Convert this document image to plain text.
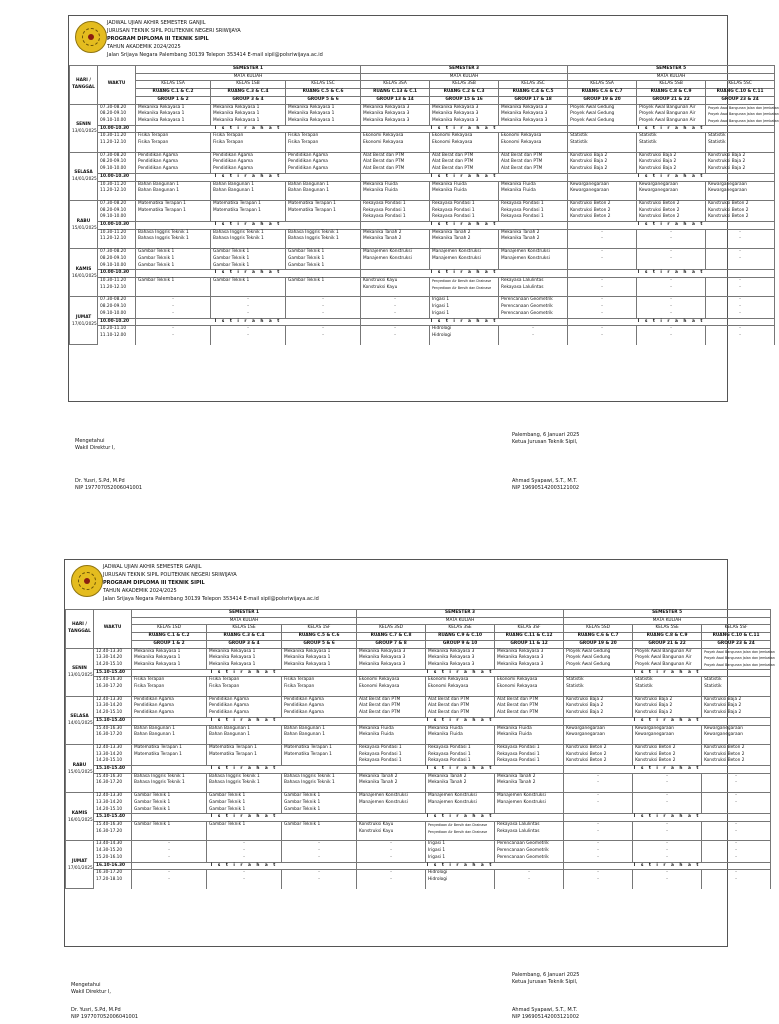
JADWAL UJIAN AKHIR SEMESTER GANJIL
JURUSAN TEKNIK SIPIL POLITEKNIK NEGERI SRIWIJAYA
PROGRAM DIPLOMA III TEKNIK SIPIL
TAHUN AKADEMIK 2024/2025
Jalan Srijaya Negara Palembang 30139 Telepon 353414 E-mail sipil@polsriwijaya.ac.id
HARI /
TANGGAL	WAKTU	SEMESTER 1			SEMESTER 3			SEMESTER 5		
		MATA KULIAH			MATA KULIAH			MATA KULIAH		
		KELAS 1SA	KELAS 1SB	KELAS 1SC	KELAS 3SA	KELAS 3SB	KELAS 3SC	KELAS 5SA	KELAS 5SB	KELAS 5SC
		RUANG C.1 & C.2	RUANG C.3 & C.4	RUANG C.5 & C.6	RUANG C.13 & C.1	RUANG C.2 & C.3	RUANG C.4 & C.5	RUANG C.6 & C.7	RUANG C.8 & C.9	RUANG C.10 & C.11
		GROUP 1 & 2	GROUP 3 & 4	GROUP 5 & 6	GROUP 13 & 14	GROUP 15 & 16	GROUP 17 & 18	GROUP 19 & 20	GROUP 21 & 22	GROUP 23 & 24

SENIN
13/01/2025	07.30-08.20	Mekanika Rekayasa 1	Mekanika Rekayasa 1	Mekanika Rekayasa 1	Mekanika Rekayasa 3	Mekanika Rekayasa 3	Mekanika Rekayasa 3	Proyek Awal Gedung	Proyek Awal Bangunan Air	Proyek Awal Bangunan Jalan dan Jembatan
	08.20-09.10	Mekanika Rekayasa 1	Mekanika Rekayasa 1	Mekanika Rekayasa 1	Mekanika Rekayasa 3	Mekanika Rekayasa 3	Mekanika Rekayasa 3	Proyek Awal Gedung	Proyek Awal Bangunan Air	Proyek Awal Bangunan Jalan dan Jembatan
	09.10-10.00	Mekanika Rekayasa 1	Mekanika Rekayasa 1	Mekanika Rekayasa 1	Mekanika Rekayasa 3	Mekanika Rekayasa 3	Mekanika Rekayasa 3	Proyek Awal Gedung	Proyek Awal Bangunan Air	Proyek Awal Bangunan Jalan dan Jembatan
	10.00-10.30	I s t i r a h a t			I s t i r a h a t			I s t i r a h a t		
	10.30-11.20	Fisika Terapan	Fisika Terapan	Fisika Terapan	Ekonomi Rekayasa	Ekonomi Rekayasa	Ekonomi Rekayasa	Statistik	Statistik	Statistik
	11.20-12.10	Fisika Terapan	Fisika Terapan	Fisika Terapan	Ekonomi Rekayasa	Ekonomi Rekayasa	Ekonomi Rekayasa	Statistik	Statistik	Statistik

SELASA
14/01/2025	07.30-08.20	Pendidikan Agama	Pendidikan Agama	Pendidikan Agama	Alat Berat dan PTM	Alat Berat dan PTM	Alat Berat dan PTM	Konstruksi Baja 2	Konstruksi Baja 2	Konstruksi Baja 2
	08.20-09.10	Pendidikan Agama	Pendidikan Agama	Pendidikan Agama	Alat Berat dan PTM	Alat Berat dan PTM	Alat Berat dan PTM	Konstruksi Baja 2	Konstruksi Baja 2	Konstruksi Baja 2
	09.10-10.00	Pendidikan Agama	Pendidikan Agama	Pendidikan Agama	Alat Berat dan PTM	Alat Berat dan PTM	Alat Berat dan PTM	Konstruksi Baja 2	Konstruksi Baja 2	Konstruksi Baja 2
	10.00-10.30	I s t i r a h a t			I s t i r a h a t			I s t i r a h a t		
	10.30-11.20	Bahan Bangunan 1	Bahan Bangunan 1	Bahan Bangunan 1	Mekanika Fluida	Mekanika Fluida	Mekanika Fluida	Kewarganegaraan	Kewarganegaraan	Kewarganegaraan
	11.20-12.10	Bahan Bangunan 1	Bahan Bangunan 1	Bahan Bangunan 1	Mekanika Fluida	Mekanika Fluida	Mekanika Fluida	Kewarganegaraan	Kewarganegaraan	Kewarganegaraan

RABU
15/01/2025	07.30-08.20	Matematika Terapan 1	Matematika Terapan 1	Matematika Terapan 1	Rekayasa Pondasi 1	Rekayasa Pondasi 1	Rekayasa Pondasi 1	Konstruksi Beton 2	Konstruksi Beton 2	Konstruksi Beton 2
	08.20-09.10	Matematika Terapan 1	Matematika Terapan 1	Matematika Terapan 1	Rekayasa Pondasi 1	Rekayasa Pondasi 1	Rekayasa Pondasi 1	Konstruksi Beton 2	Konstruksi Beton 2	Konstruksi Beton 2
	09.10-10.00				Rekayasa Pondasi 1	Rekayasa Pondasi 1	Rekayasa Pondasi 1	Konstruksi Beton 2	Konstruksi Beton 2	Konstruksi Beton 2
	10.00-10.30	I s t i r a h a t			I s t i r a h a t			I s t i r a h a t		
	10.30-11.20	Bahasa Inggris Teknik 1	Bahasa Inggris Teknik 1	Bahasa Inggris Teknik 1	Mekanika Tanah 2	Mekanika Tanah 2	Mekanika Tanah 2	-	-	-
	11.20-12.10	Bahasa Inggris Teknik 1	Bahasa Inggris Teknik 1	Bahasa Inggris Teknik 1	Mekanika Tanah 2	Mekanika Tanah 2	Mekanika Tanah 2	-	-	-

KAMIS
16/01/2025	07.30-08.20	Gambar Teknik 1	Gambar Teknik 1	Gambar Teknik 1	Manajemen Konstruksi	Manajemen Konstruksi	Manajemen Konstruksi	-	-	-
	08.20-09.10	Gambar Teknik 1	Gambar Teknik 1	Gambar Teknik 1	Manajemen Konstruksi	Manajemen Konstruksi	Manajemen Konstruksi	-	-	-
	09.10-10.00	Gambar Teknik 1	Gambar Teknik 1	Gambar Teknik 1						
	10.00-10.30	I s t i r a h a t			I s t i r a h a t			I s t i r a h a t		
	10.30-11.20	Gambar Teknik 1	Gambar Teknik 1	Gambar Teknik 1	Konstruksi Kayu	Penyediaan Air Bersih dan Drainase	Rekayasa Lalulintas	-	-	-
	11.20-12.10				Konstruksi Kayu	Penyediaan Air Bersih dan Drainase	Rekayasa Lalulintas	-	-	-

JUMAT
17/01/2025	07.30-08.20	-	-	-	-	Irigasi 1	Perencanaan Geometrik	-	-	-
	08.20-09.10	-	-	-	-	Irigasi 1	Perencanaan Geometrik	-	-	-
	09.10-10.00	-	-	-	-	Irigasi 1	Perencanaan Geometrik	-	-	-
	10.00-10.20	I s t i r a h a t			I s t i r a h a t			I s t i r a h a t		
	10.20-11.10	-	-	-	-	Hidrologi	-	-	-	-
	11.10-12.00	-	-	-	-	Hidrologi	-	-	-	-

Palembang, 6 Januari 2025
Ketua Jurusan Teknik Sipil,
Mengetahui
Wakil Direktur I,
Dr. Yusri, S.Pd, M.Pd
NIP 197707052006041001
Ahmad Syapawi, S.T., M.T.
NIP 196905142003121002
JADWAL UJIAN AKHIR SEMESTER GANJIL
JURUSAN TEKNIK SIPIL POLITEKNIK NEGERI SRIWIJAYA
PROGRAM DIPLOMA III TEKNIK SIPIL
TAHUN AKADEMIK 2024/2025
Jalan Srijaya Negara Palembang 30139 Telepon 353414 E-mail sipil@polsriwijaya.ac.id
HARI /
TANGGAL	WAKTU	SEMESTER 1			SEMESTER 3			SEMESTER 5		
		MATA KULIAH			MATA KULIAH			MATA KULIAH		
		KELAS 1SD	KELAS 1SE	KELAS 1SF	KELAS 3SD	KELAS 3SE	KELAS 3SF	KELAS 5SD	KELAS 5SE	KELAS 5SF
		RUANG C.1 & C.2	RUANG C.3 & C.4	RUANG C.5 & C.6	RUANG C.7 & C.8	RUANG C.9 & C.10	RUANG C.11 & C.12	RUANG C.6 & C.7	RUANG C.8 & C.9	RUANG C.10 & C.11
		GROUP 1 & 2	GROUP 3 & 4	GROUP 5 & 6	GROUP 7 & 8	GROUP 9 & 10	GROUP 11 & 12	GROUP 19 & 20	GROUP 21 & 22	GROUP 23 & 24

SENIN
13/01/2025	12.40-13.30	Mekanika Rekayasa 1	Mekanika Rekayasa 1	Mekanika Rekayasa 1	Mekanika Rekayasa 3	Mekanika Rekayasa 3	Mekanika Rekayasa 3	Proyek Awal Gedung	Proyek Awal Bangunan Air	Proyek Awal Bangunan Jalan dan Jembatan
	13.30-14.20	Mekanika Rekayasa 1	Mekanika Rekayasa 1	Mekanika Rekayasa 1	Mekanika Rekayasa 3	Mekanika Rekayasa 3	Mekanika Rekayasa 3	Proyek Awal Gedung	Proyek Awal Bangunan Air	Proyek Awal Bangunan Jalan dan Jembatan
	14.20-15.10	Mekanika Rekayasa 1	Mekanika Rekayasa 1	Mekanika Rekayasa 1	Mekanika Rekayasa 3	Mekanika Rekayasa 3	Mekanika Rekayasa 3	Proyek Awal Gedung	Proyek Awal Bangunan Air	Proyek Awal Bangunan Jalan dan Jembatan
	15.10-15.40	I s t i r a h a t			I s t i r a h a t			I s t i r a h a t		
	15.40-16.30	Fisika Terapan	Fisika Terapan	Fisika Terapan	Ekonomi Rekayasa	Ekonomi Rekayasa	Ekonomi Rekayasa	Statistik	Statistik	Statistik
	16.30-17.20	Fisika Terapan	Fisika Terapan	Fisika Terapan	Ekonomi Rekayasa	Ekonomi Rekayasa	Ekonomi Rekayasa	Statistik	Statistik	Statistik

SELASA
14/01/2025	12.40-13.30	Pendidikan Agama	Pendidikan Agama	Pendidikan Agama	Alat Berat dan PTM	Alat Berat dan PTM	Alat Berat dan PTM	Konstruksi Baja 2	Konstruksi Baja 2	Konstruksi Baja 2
	13.30-14.20	Pendidikan Agama	Pendidikan Agama	Pendidikan Agama	Alat Berat dan PTM	Alat Berat dan PTM	Alat Berat dan PTM	Konstruksi Baja 2	Konstruksi Baja 2	Konstruksi Baja 2
	14.20-15.10	Pendidikan Agama	Pendidikan Agama	Pendidikan Agama	Alat Berat dan PTM	Alat Berat dan PTM	Alat Berat dan PTM	Konstruksi Baja 2	Konstruksi Baja 2	Konstruksi Baja 2
	15.10-15.40	I s t i r a h a t			I s t i r a h a t			I s t i r a h a t		
	15.40-16.30	Bahan Bangunan 1	Bahan Bangunan 1	Bahan Bangunan 1	Mekanika Fluida	Mekanika Fluida	Mekanika Fluida	Kewarganegaraan	Kewarganegaraan	Kewarganegaraan
	16.30-17.20	Bahan Bangunan 1	Bahan Bangunan 1	Bahan Bangunan 1	Mekanika Fluida	Mekanika Fluida	Mekanika Fluida	Kewarganegaraan	Kewarganegaraan	Kewarganegaraan

RABU
15/01/2025	12.40-13.30	Matematika Terapan 1	Matematika Terapan 1	Matematika Terapan 1	Rekayasa Pondasi 1	Rekayasa Pondasi 1	Rekayasa Pondasi 1	Konstruksi Beton 2	Konstruksi Beton 2	Konstruksi Beton 2
	13.30-14.20	Matematika Terapan 1	Matematika Terapan 1	Matematika Terapan 1	Rekayasa Pondasi 1	Rekayasa Pondasi 1	Rekayasa Pondasi 1	Konstruksi Beton 2	Konstruksi Beton 2	Konstruksi Beton 2
	14.20-15.10				Rekayasa Pondasi 1	Rekayasa Pondasi 1	Rekayasa Pondasi 1	Konstruksi Beton 2	Konstruksi Beton 2	Konstruksi Beton 2
	15.10-15.40	I s t i r a h a t			I s t i r a h a t			I s t i r a h a t		
	15.40-16.30	Bahasa Inggris Teknik 1	Bahasa Inggris Teknik 1	Bahasa Inggris Teknik 1	Mekanika Tanah 2	Mekanika Tanah 2	Mekanika Tanah 2	-	-	-
	16.30-17.20	Bahasa Inggris Teknik 1	Bahasa Inggris Teknik 1	Bahasa Inggris Teknik 1	Mekanika Tanah 2	Mekanika Tanah 2	Mekanika Tanah 2	-	-	-

KAMIS
16/01/2025	12.40-13.30	Gambar Teknik 1	Gambar Teknik 1	Gambar Teknik 1	Manajemen Konstruksi	Manajemen Konstruksi	Manajemen Konstruksi	-	-	-
	13.30-14.20	Gambar Teknik 1	Gambar Teknik 1	Gambar Teknik 1	Manajemen Konstruksi	Manajemen Konstruksi	Manajemen Konstruksi	-	-	-
	14.20-15.10	Gambar Teknik 1	Gambar Teknik 1	Gambar Teknik 1						
	15.10-15.40	I s t i r a h a t			I s t i r a h a t			I s t i r a h a t		
	15.40-16.30	Gambar Teknik 1	Gambar Teknik 1	Gambar Teknik 1	Konstruksi Kayu	Penyediaan Air Bersih dan Drainase	Rekayasa Lalulintas	-	-	-
	16.30-17.20				Konstruksi Kayu	Penyediaan Air Bersih dan Drainase	Rekayasa Lalulintas	-	-	-

JUMAT
17/01/2025	13.40-14.30	-	-	-	-	Irigasi 1	Perencanaan Geometrik	-	-	-
	14.30-15.20	-	-	-	-	Irigasi 1	Perencanaan Geometrik	-	-	-
	15.20-16.10	-	-	-	-	Irigasi 1	Perencanaan Geometrik	-	-	-
	16.10-16.30	I s t i r a h a t			I s t i r a h a t			I s t i r a h a t		
	16.30-17.20	-	-	-	-	Hidrologi	-	-	-	-
	17.20-18.10	-	-	-	-	Hidrologi	-	-	-	-

Palembang, 6 Januari 2025
Ketua Jurusan Teknik Sipil,
Mengetahui
Wakil Direktur I,
Dr. Yusri, S.Pd, M.Pd
NIP 197707052006041001
Ahmad Syapawi, S.T., M.T.
NIP 196905142003121002
